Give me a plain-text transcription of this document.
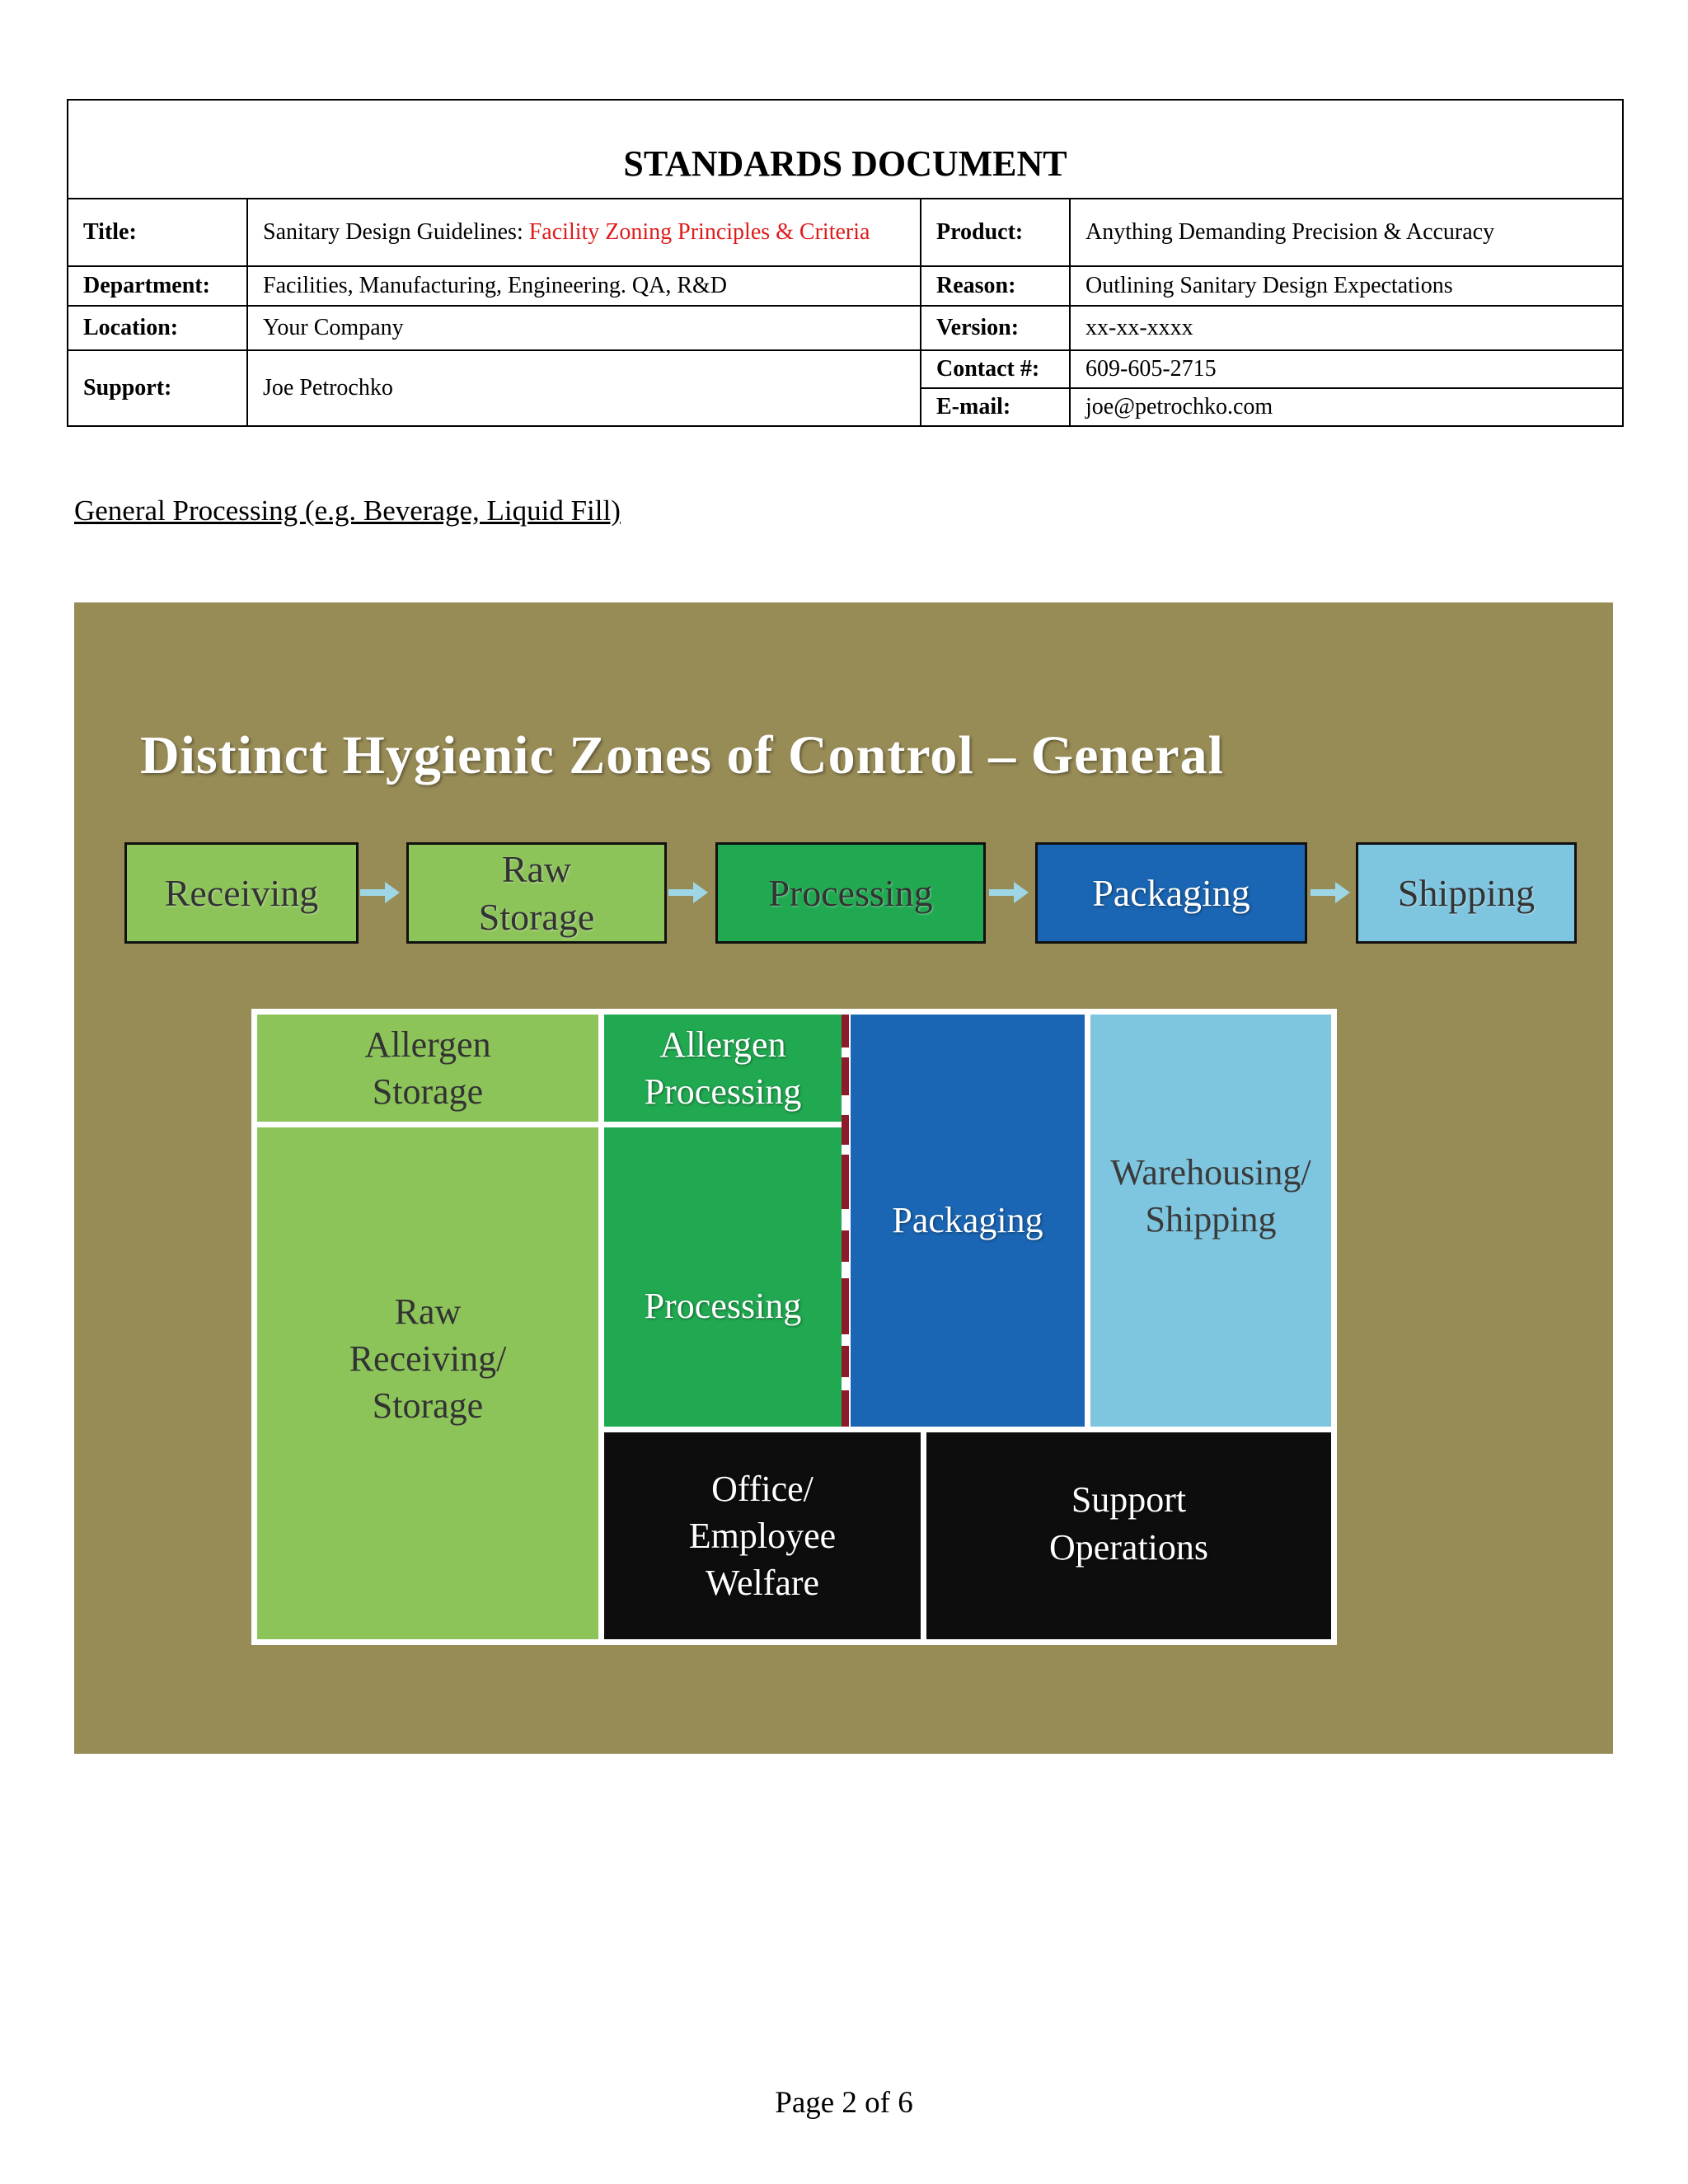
STANDARDS DOCUMENT			
Title:	Sanitary Design Guidelines: Facility Zoning Principles & Criteria	Product:	Anything Demanding Precision & Accuracy
Department:	Facilities, Manufacturing, Engineering. QA, R&D	Reason:	Outlining Sanitary Design Expectations
Location:	Your Company	Version:	xx-xx-xxxx
Support:	Joe Petrochko	Contact #:	609-605-2715
		E-mail:	joe@petrochko.com
General Processing (e.g. Beverage, Liquid Fill)
Distinct Hygienic Zones of Control – General
Receiving
Raw Storage
Processing	Packaging	Shipping
Allergen Storage
Allergen Processing
Packaging
Warehousing/ Shipping
Processing
Raw Receiving/ Storage
Office/ Employee Welfare
Support Operations

Page 2 of 6
